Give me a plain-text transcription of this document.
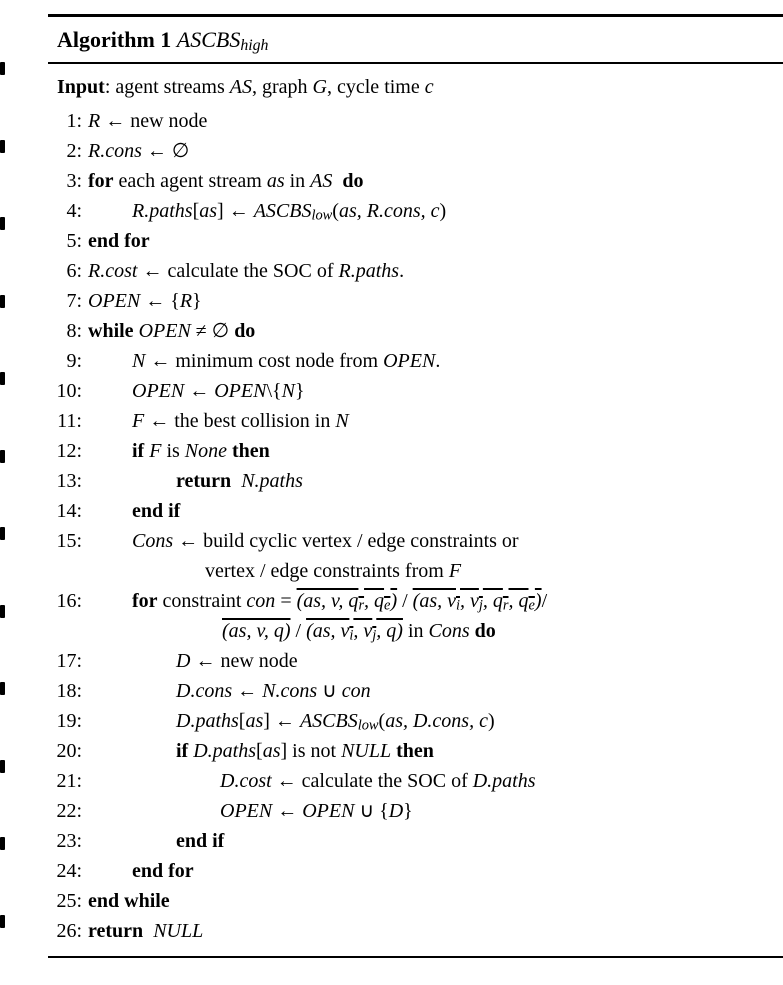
Algorithm 1 ASCBShigh
Input: agent streams AS, graph G, cycle time c
1: R ← new node
2: R.cons ← ∅
3: for each agent stream as in AS do
4:	R.paths[as] ← ASCBSlow(as, R.cons, c)
5: end for
6: R.cost ← calculate the SOC of R.paths.
7: OPEN ← {R}
8: while OPEN ≠ ∅ do
9:	N ← minimum cost node from OPEN.
10:	OPEN ← OPEN\{N}
11:	F ← the best collision in N
12:	if F is None then
13:	return N.paths
14:	end if
15:	Cons ← build cyclic vertex / edge constraints or
vertex / edge constraints from F
16:	for constraint con = (as, v, qr, qe) / (as, vi, vj, qr, qe)/
(as, v, q) / (as, vi, vj, q) in Cons do
17:	D ← new node
18:	D.cons ← N.cons ∪ con
19:	D.paths[as] ← ASCBSlow(as, D.cons, c)
20:	if D.paths[as] is not NULL then
21:	D.cost ← calculate the SOC of D.paths
22:	OPEN ← OPEN ∪ {D}
23:	end if
24:	end for
25: end while
26: return NULL
